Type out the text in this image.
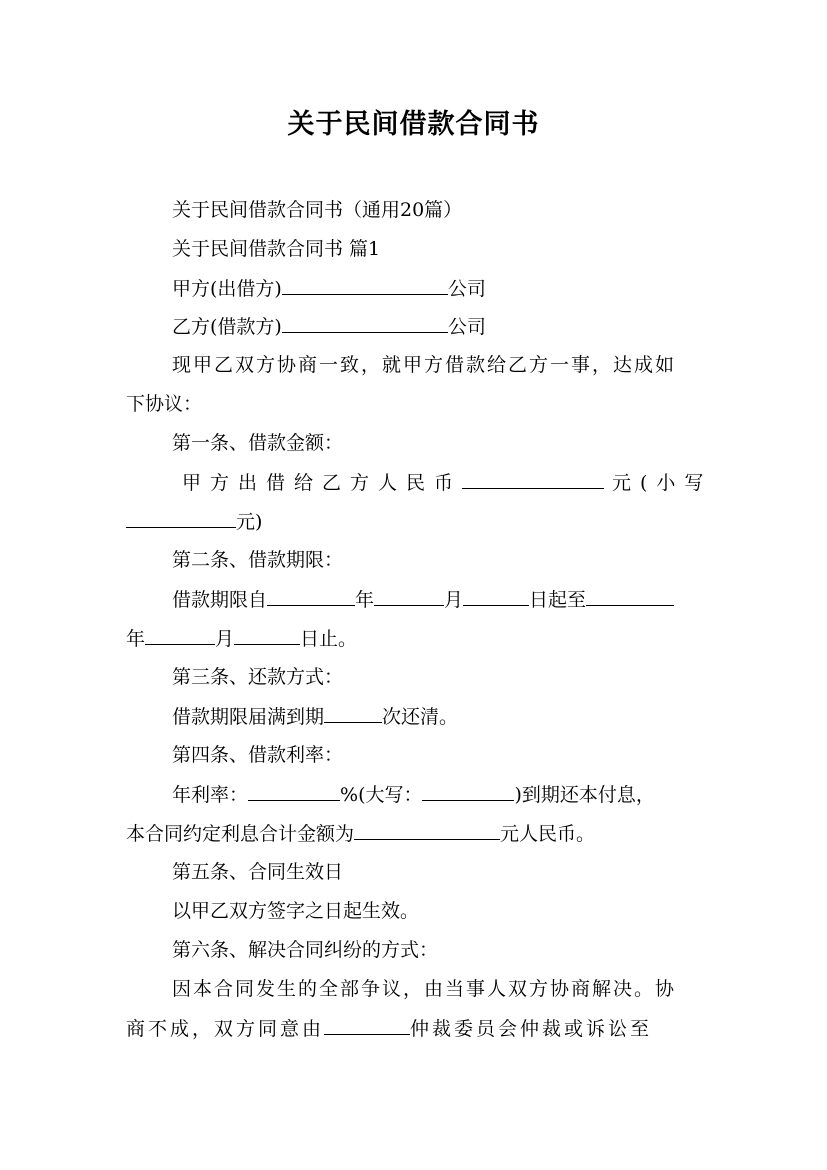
关于民间借款合同书
关于民间借款合同书（通用20篇）
关于民间借款合同书 篇1
甲方(出借方)	公司
乙方(借款方)	公司
现甲乙双方协商一致，就甲方借款给乙方一事，达成如
下协议：
第一条、借款金额：
甲方出借给乙方人民币	元(小写
元)
第二条、借款期限：
借款期限自	年	月	日起至
年	月	日止。
第三条、还款方式：
借款期限届满到期	次还清。
第四条、借款利率：
年利率：	%(大写：	)到期还本付息，
本合同约定利息合计金额为	元人民币。
第五条、合同生效日
以甲乙双方签字之日起生效。
第六条、解决合同纠纷的方式：
因本合同发生的全部争议，由当事人双方协商解决。协
商不成，双方同意由	仲裁委员会仲裁或诉讼至
